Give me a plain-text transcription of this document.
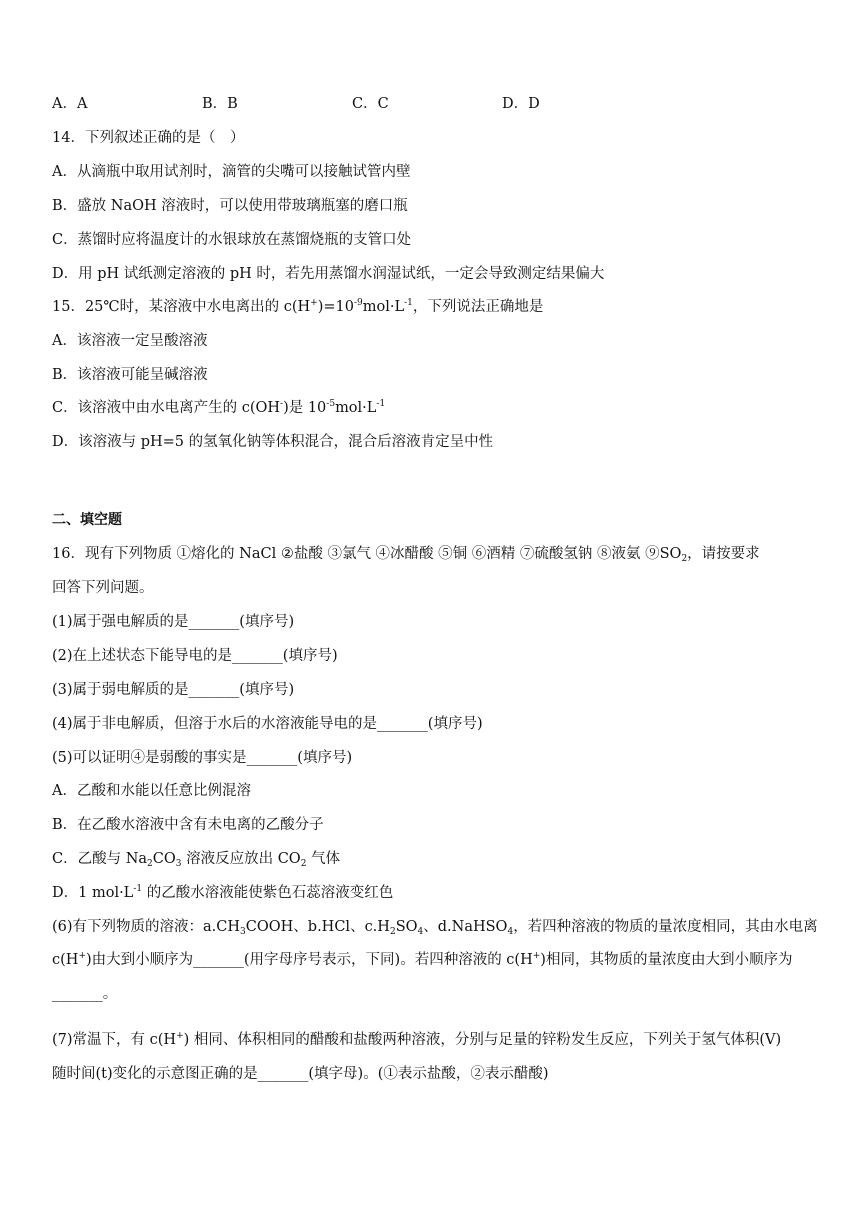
A．A	B．B	C．C	D．D
14．下列叙述正确的是（　）
A．从滴瓶中取用试剂时，滴管的尖嘴可以接触试管内壁
B．盛放 NaOH 溶液时，可以使用带玻璃瓶塞的磨口瓶
C．蒸馏时应将温度计的水银球放在蒸馏烧瓶的支管口处
D．用 pH 试纸测定溶液的 pH 时，若先用蒸馏水润湿试纸，一定会导致测定结果偏大
15．25℃时，某溶液中水电离出的 $c(H^+)=10^{-9}mol\cdot L^{-1}$，下列说法正确地是
A．该溶液一定呈酸溶液
B．该溶液可能呈碱溶液
C．该溶液中由水电离产生的 c(OH-)是 $10^{-5}mol\cdot L^{-1}$
D．该溶液与 pH=5 的氢氧化钠等体积混合，混合后溶液肯定呈中性
二、填空题
16．现有下列物质 ①熔化的 NaCl ②盐酸 ③氯气 ④冰醋酸 ⑤铜 ⑥酒精 ⑦硫酸氢钠 ⑧液氨 $⑨SO_2$，请按要求
回答下列问题。
(1)属于强电解质的是_______(填序号)
(2)在上述状态下能导电的是_______(填序号)
(3)属于弱电解质的是_______(填序号)
(4)属于非电解质，但溶于水后的水溶液能导电的是_______(填序号)
(5)可以证明④是弱酸的事实是_______(填序号)
A．乙酸和水能以任意比例混溶
B．在乙酸水溶液中含有未电离的乙酸分子
C．乙酸与 $Na_2CO_3$ 溶液反应放出 $CO_2$ 气体
D．1 $mol\cdot L^{-1}$ 的乙酸水溶液能使紫色石蕊溶液变红色
(6)有下列物质的溶液：$a.CH_3COOH$、b.HCl、$c.H_2SO_4$、d.NaHSO$_4$，若四种溶液的物质的量浓度相同，其由水电离
c(H+)由大到小顺序为_______(用字母序号表示，下同)。若四种溶液的 c(H+)相同，其物质的量浓度由大到小顺序为
_______。
(7)常温下，有 c(H+) 相同、体积相同的醋酸和盐酸两种溶液，分别与足量的锌粉发生反应，下列关于氢气体积(V)
随时间(t)变化的示意图正确的是_______(填字母)。(①表示盐酸，②表示醋酸)
